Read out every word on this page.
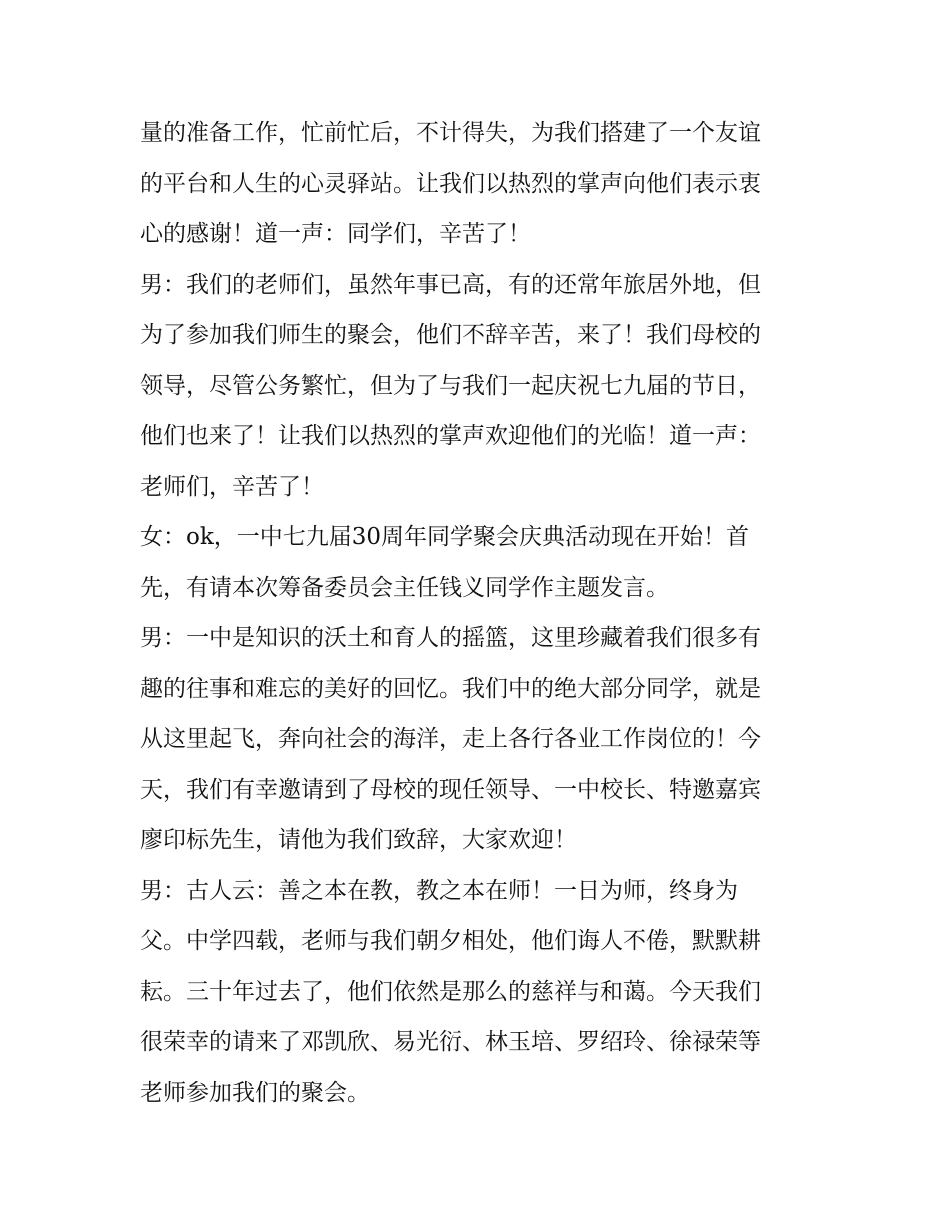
量的准备工作，忙前忙后，不计得失，为我们搭建了一个友谊
的平台和人生的心灵驿站。让我们以热烈的掌声向他们表示衷
心的感谢！道一声：同学们，辛苦了！
男：我们的老师们，虽然年事已高，有的还常年旅居外地，但
为了参加我们师生的聚会，他们不辞辛苦，来了！我们母校的
领导，尽管公务繁忙，但为了与我们一起庆祝七九届的节日，
他们也来了！让我们以热烈的掌声欢迎他们的光临！道一声：
老师们，辛苦了！
女：ok，一中七九届30周年同学聚会庆典活动现在开始！首
先，有请本次筹备委员会主任钱义同学作主题发言。
男：一中是知识的沃土和育人的摇篮，这里珍藏着我们很多有
趣的往事和难忘的美好的回忆。我们中的绝大部分同学，就是
从这里起飞，奔向社会的海洋，走上各行各业工作岗位的！今
天，我们有幸邀请到了母校的现任领导、一中校长、特邀嘉宾
廖印标先生，请他为我们致辞，大家欢迎！
男：古人云：善之本在教，教之本在师！一日为师，终身为
父。中学四载，老师与我们朝夕相处，他们诲人不倦，默默耕
耘。三十年过去了，他们依然是那么的慈祥与和蔼。今天我们
很荣幸的请来了邓凯欣、易光衍、林玉培、罗绍玲、徐禄荣等
老师参加我们的聚会。
